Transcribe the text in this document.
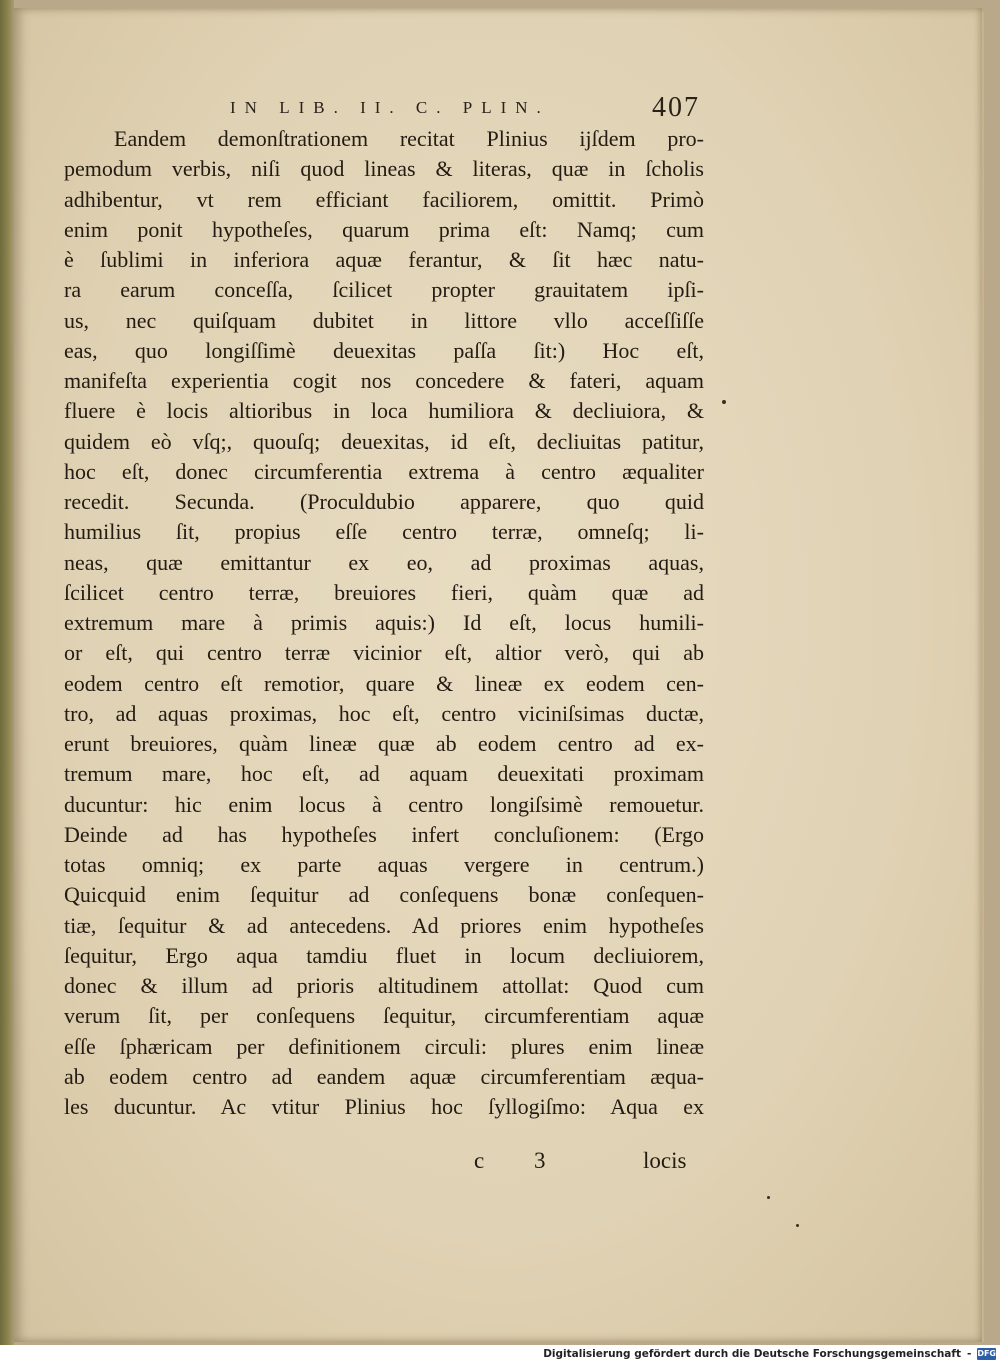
IN LIB. II. C. PLIN.	407
Eandem demonſtrationem recitat Plinius ijſdem pro-
pemodum verbis, niſi quod lineas & literas, quæ in ſcholis
adhibentur, vt rem efficiant faciliorem, omittit. Primò
enim ponit hypotheſes, quarum prima eſt: Namq; cum
è ſublimi in inferiora aquæ ferantur, & ſit hæc natu-
ra earum conceſſa, ſcilicet propter grauitatem ipſi-
us, nec quiſquam dubitet in littore vllo acceſſiſſe
eas, quo longiſſimè deuexitas paſſa ſit:) Hoc eſt,
manifeſta experientia cogit nos concedere & fateri, aquam
fluere è locis altioribus in loca humiliora & decliuiora, &
quidem eò vſq;, quouſq; deuexitas, id eſt, decliuitas patitur,
hoc eſt, donec circumferentia extrema à centro æqualiter
recedit. Secunda. (Proculdubio apparere, quo quid
humilius ſit, propius eſſe centro terræ, omneſq; li-
neas, quæ emittantur ex eo, ad proximas aquas,
ſcilicet centro terræ, breuiores fieri, quàm quæ ad
extremum mare à primis aquis:) Id eſt, locus humili-
or eſt, qui centro terræ vicinior eſt, altior verò, qui ab
eodem centro eſt remotior, quare & lineæ ex eodem cen-
tro, ad aquas proximas, hoc eſt, centro viciniſsimas ductæ,
erunt breuiores, quàm lineæ quæ ab eodem centro ad ex-
tremum mare, hoc eſt, ad aquam deuexitati proximam
ducuntur: hic enim locus à centro longiſsimè remouetur.
Deinde ad has hypotheſes infert concluſionem: (Ergo
totas omniq; ex parte aquas vergere in centrum.)
Quicquid enim ſequitur ad conſequens bonæ conſequen-
tiæ, ſequitur & ad antecedens. Ad priores enim hypotheſes
ſequitur, Ergo aqua tamdiu fluet in locum decliuiorem,
donec & illum ad prioris altitudinem attollat: Quod cum
verum ſit, per conſequens ſequitur, circumferentiam aquæ
eſſe ſphæricam per definitionem circuli: plures enim lineæ
ab eodem centro ad eandem aquæ circumferentiam æqua-
les ducuntur. Ac vtitur Plinius hoc ſyllogiſmo: Aqua ex
c 3	locis
Digitalisierung gefördert durch die Deutsche Forschungsgemeinschaft - DFG
